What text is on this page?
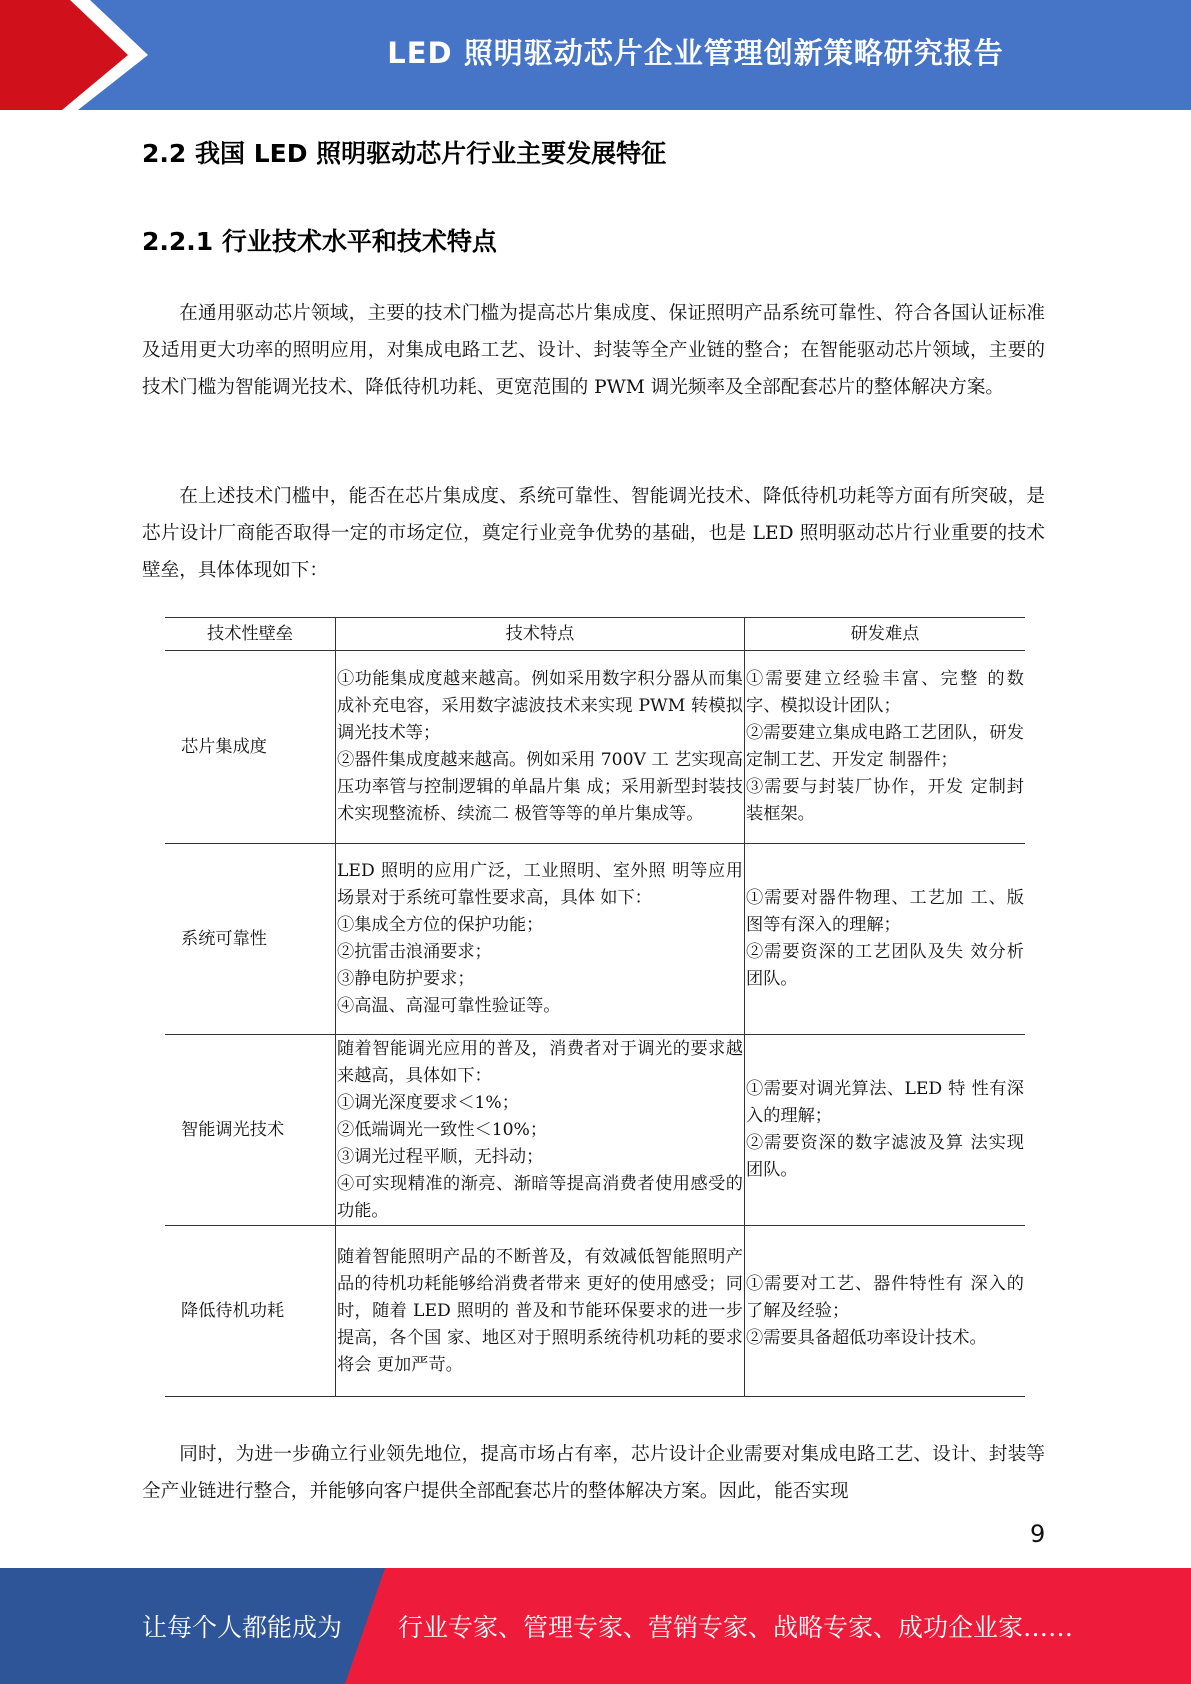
LED 照明驱动芯片企业管理创新策略研究报告
2.2 我国 LED 照明驱动芯片行业主要发展特征
2.2.1 行业技术水平和技术特点

在通用驱动芯片领域，主要的技术门槛为提高芯片集成度、保证照明产品系统可靠性、符合各国认证标准及适用更大功率的照明应用，对集成电路工艺、设计、封装等全产业链的整合；在智能驱动芯片领域，主要的技术门槛为智能调光技术、降低待机功耗、更宽范围的 PWM 调光频率及全部配套芯片的整体解决方案。

在上述技术门槛中，能否在芯片集成度、系统可靠性、智能调光技术、降低待机功耗等方面有所突破，是芯片设计厂商能否取得一定的市场定位，奠定行业竞争优势的基础，也是 LED 照明驱动芯片行业重要的技术壁垒，具体体现如下：

技术性壁垒	技术特点	研发难点
芯片集成度	①功能集成度越来越高。例如采用数字积分器从而集成补充电容，采用数字滤波技术来实现 PWM 转模拟调光技术等；
②器件集成度越来越高。例如采用 700V 工 艺实现高压功率管与控制逻辑的单晶片集 成；采用新型封装技术实现整流桥、续流二 极管等等的单片集成等。	①需要建立经验丰富、完整 的数字、模拟设计团队；
②需要建立集成电路工艺团队，研发定制工艺、开发定 制器件；
③需要与封装厂协作，开发 定制封装框架。

系统可靠性	LED 照明的应用广泛，工业照明、室外照 明等应用场景对于系统可靠性要求高，具体 如下：
①集成全方位的保护功能；
②抗雷击浪涌要求；
③静电防护要求；
④高温、高湿可靠性验证等。	①需要对器件物理、工艺加 工、版图等有深入的理解；
②需要资深的工艺团队及失 效分析团队。

智能调光技术	随着智能调光应用的普及，消费者对于调光的要求越来越高，具体如下：
①调光深度要求＜1%；
②低端调光一致性＜10%；
③调光过程平顺，无抖动；
④可实现精准的渐亮、渐暗等提高消费者使用感受的功能。	①需要对调光算法、LED 特 性有深入的理解；
②需要资深的数字滤波及算 法实现团队。

降低待机功耗	随着智能照明产品的不断普及，有效减低智能照明产品的待机功耗能够给消费者带来 更好的使用感受；同时，随着 LED 照明的 普及和节能环保要求的进一步提高，各个国 家、地区对于照明系统待机功耗的要求将会 更加严苛。	①需要对工艺、器件特性有 深入的了解及经验；
②需要具备超低功率设计技术。

同时，为进一步确立行业领先地位，提高市场占有率，芯片设计企业需要对集成电路工艺、设计、封装等全产业链进行整合，并能够向客户提供全部配套芯片的整体解决方案。因此，能否实现

9
让每个人都能成为 行业专家、管理专家、营销专家、战略专家、成功企业家……
